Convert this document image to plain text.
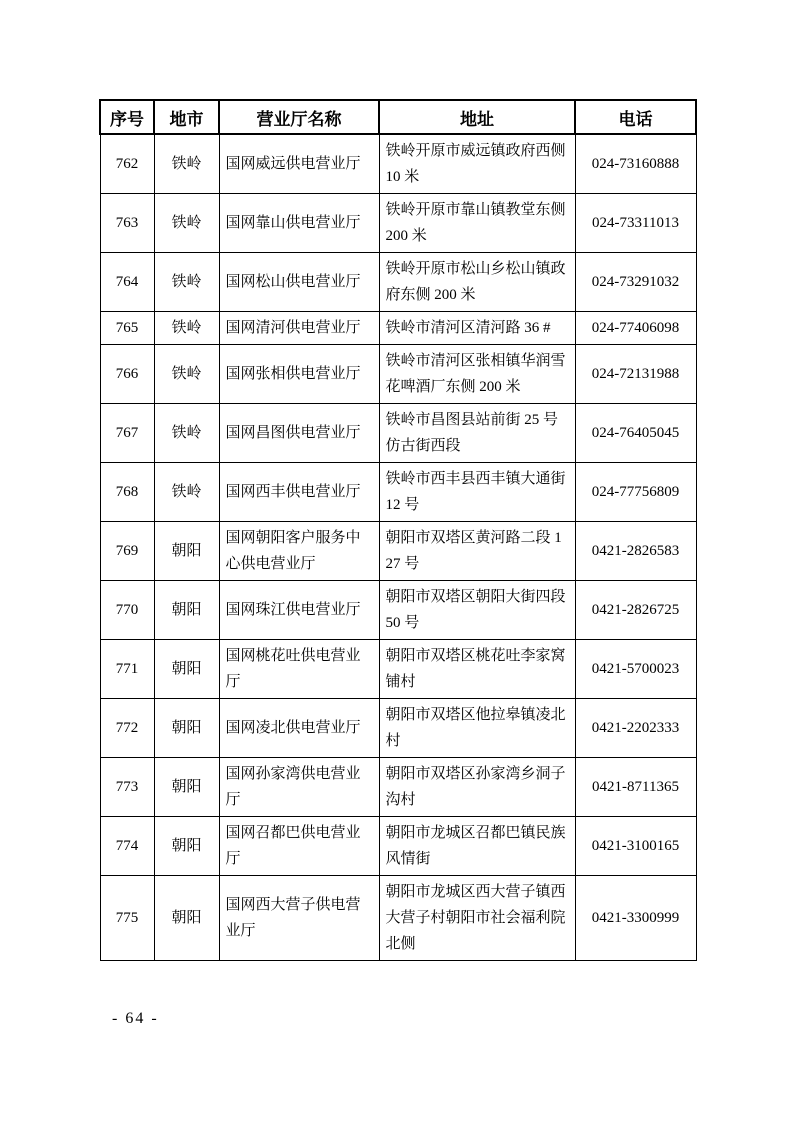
序号	地市	营业厅名称	地址	电话
762	铁岭	国网威远供电营业厅	铁岭开原市威远镇政府西侧 10 米	024-73160888
763	铁岭	国网靠山供电营业厅	铁岭开原市靠山镇教堂东侧 200 米	024-73311013
764	铁岭	国网松山供电营业厅	铁岭开原市松山乡松山镇政府东侧 200 米	024-73291032
765	铁岭	国网清河供电营业厅	铁岭市清河区清河路 36 #	024-77406098
766	铁岭	国网张相供电营业厅	铁岭市清河区张相镇华润雪花啤酒厂东侧 200 米	024-72131988
767	铁岭	国网昌图供电营业厅	铁岭市昌图县站前街 25 号仿古街西段	024-76405045
768	铁岭	国网西丰供电营业厅	铁岭市西丰县西丰镇大通街 12 号	024-77756809
769	朝阳	国网朝阳客户服务中心供电营业厅	朝阳市双塔区黄河路二段 127 号	0421-2826583
770	朝阳	国网珠江供电营业厅	朝阳市双塔区朝阳大街四段 50 号	0421-2826725
771	朝阳	国网桃花吐供电营业厅	朝阳市双塔区桃花吐李家窝铺村	0421-5700023
772	朝阳	国网凌北供电营业厅	朝阳市双塔区他拉皋镇凌北村	0421-2202333
773	朝阳	国网孙家湾供电营业厅	朝阳市双塔区孙家湾乡洞子沟村	0421-8711365
774	朝阳	国网召都巴供电营业厅	朝阳市龙城区召都巴镇民族风情街	0421-3100165
775	朝阳	国网西大营子供电营业厅	朝阳市龙城区西大营子镇西大营子村朝阳市社会福利院北侧	0421-3300999
- 64 -
